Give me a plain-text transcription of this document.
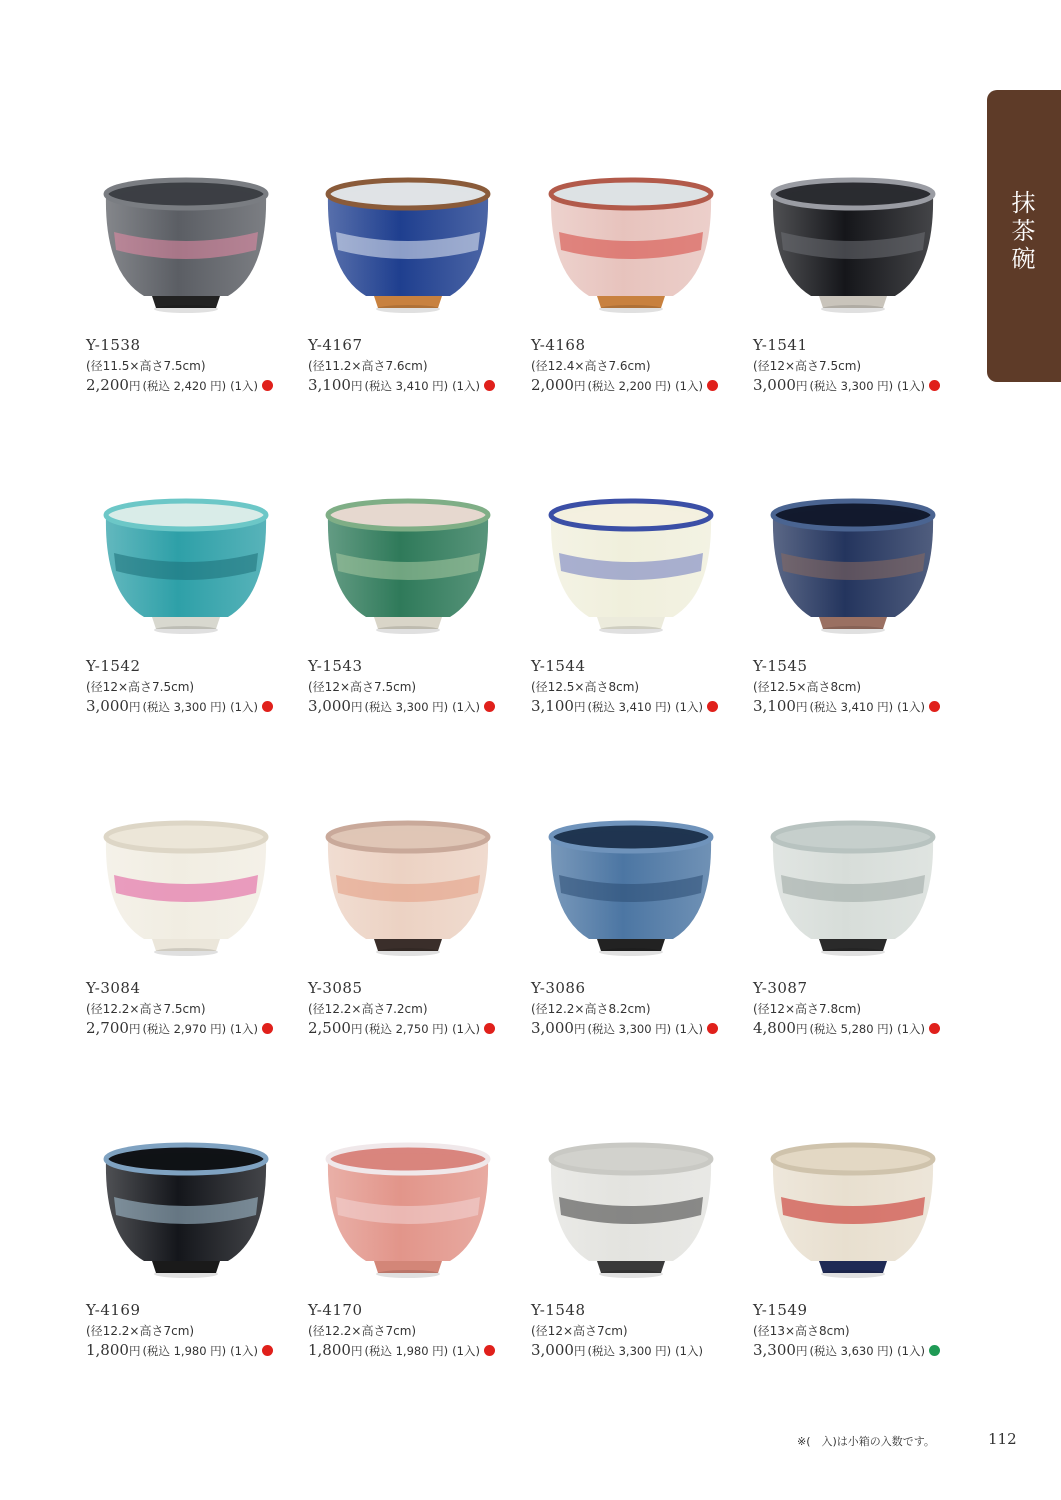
抹茶碗
Y-1538
(径11.5×高さ7.5cm)
2,200 円 (税込 2,420 円) (1入)
Y-4167
(径11.2×高さ7.6cm)
3,100 円 (税込 3,410 円) (1入)
Y-4168
(径12.4×高さ7.6cm)
2,000 円 (税込 2,200 円) (1入)
Y-1541
(径12×高さ7.5cm)
3,000 円 (税込 3,300 円) (1入)
Y-1542
(径12×高さ7.5cm)
3,000 円 (税込 3,300 円) (1入)
Y-1543
(径12×高さ7.5cm)
3,000 円 (税込 3,300 円) (1入)
Y-1544
(径12.5×高さ8cm)
3,100 円 (税込 3,410 円) (1入)
Y-1545
(径12.5×高さ8cm)
3,100 円 (税込 3,410 円) (1入)
Y-3084
(径12.2×高さ7.5cm)
2,700 円 (税込 2,970 円) (1入)
Y-3085
(径12.2×高さ7.2cm)
2,500 円 (税込 2,750 円) (1入)
Y-3086
(径12.2×高さ8.2cm)
3,000 円 (税込 3,300 円) (1入)
Y-3087
(径12×高さ7.8cm)
4,800 円 (税込 5,280 円) (1入)
Y-4169
(径12.2×高さ7cm)
1,800 円 (税込 1,980 円) (1入)
Y-4170
(径12.2×高さ7cm)
1,800 円 (税込 1,980 円) (1入)
Y-1548
(径12×高さ7cm)
3,000 円 (税込 3,300 円) (1入)
Y-1549
(径13×高さ8cm)
3,300 円 (税込 3,630 円) (1入)
※(　入)は小箱の入数です。	112
